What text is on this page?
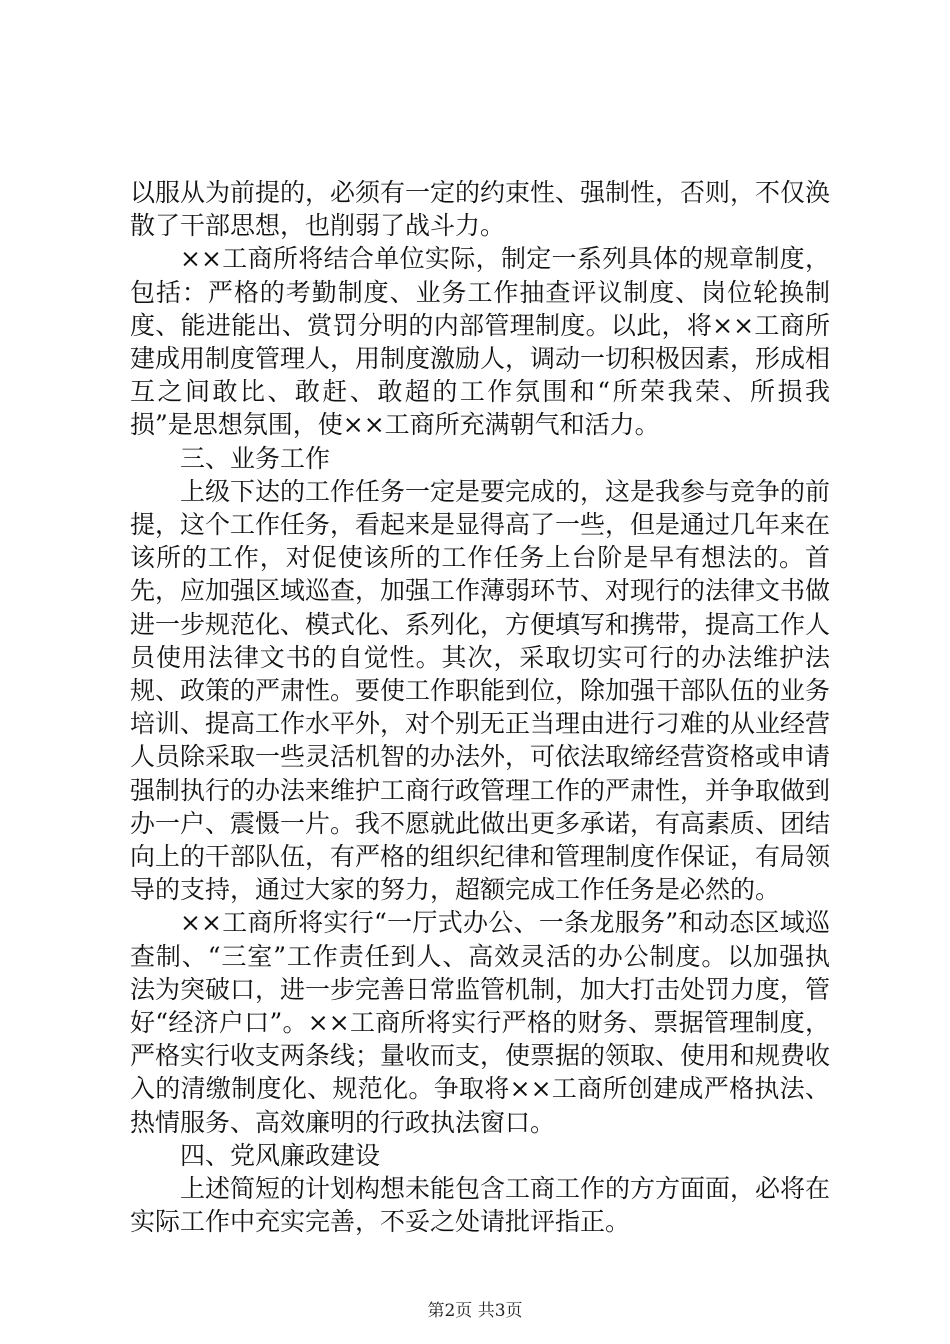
以服从为前提的，必须有一定的约束性、强制性，否则，不仅涣散了干部思想，也削弱了战斗力。

××工商所将结合单位实际，制定一系列具体的规章制度，包括：严格的考勤制度、业务工作抽查评议制度、岗位轮换制度、能进能出、赏罚分明的内部管理制度。以此，将××工商所建成用制度管理人，用制度激励人，调动一切积极因素，形成相互之间敢比、敢赶、敢超的工作氛围和“所荣我荣、所损我损”是思想氛围，使××工商所充满朝气和活力。

三、业务工作

上级下达的工作任务一定是要完成的，这是我参与竞争的前提，这个工作任务，看起来是显得高了一些，但是通过几年来在该所的工作，对促使该所的工作任务上台阶是早有想法的。首先，应加强区域巡查，加强工作薄弱环节、对现行的法律文书做进一步规范化、模式化、系列化，方便填写和携带，提高工作人员使用法律文书的自觉性。其次，采取切实可行的办法维护法规、政策的严肃性。要使工作职能到位，除加强干部队伍的业务培训、提高工作水平外，对个别无正当理由进行刁难的从业经营人员除采取一些灵活机智的办法外，可依法取缔经营资格或申请强制执行的办法来维护工商行政管理工作的严肃性，并争取做到办一户、震慑一片。我不愿就此做出更多承诺，有高素质、团结向上的干部队伍，有严格的组织纪律和管理制度作保证，有局领导的支持，通过大家的努力，超额完成工作任务是必然的。

××工商所将实行“一厅式办公、一条龙服务”和动态区域巡查制、“三室”工作责任到人、高效灵活的办公制度。以加强执法为突破口，进一步完善日常监管机制，加大打击处罚力度，管好“经济户口”。××工商所将实行严格的财务、票据管理制度，严格实行收支两条线；量收而支，使票据的领取、使用和规费收入的清缴制度化、规范化。争取将××工商所创建成严格执法、热情服务、高效廉明的行政执法窗口。

四、党风廉政建设

上述简短的计划构想未能包含工商工作的方方面面，必将在实际工作中充实完善，不妥之处请批评指正。

第2页 共3页
